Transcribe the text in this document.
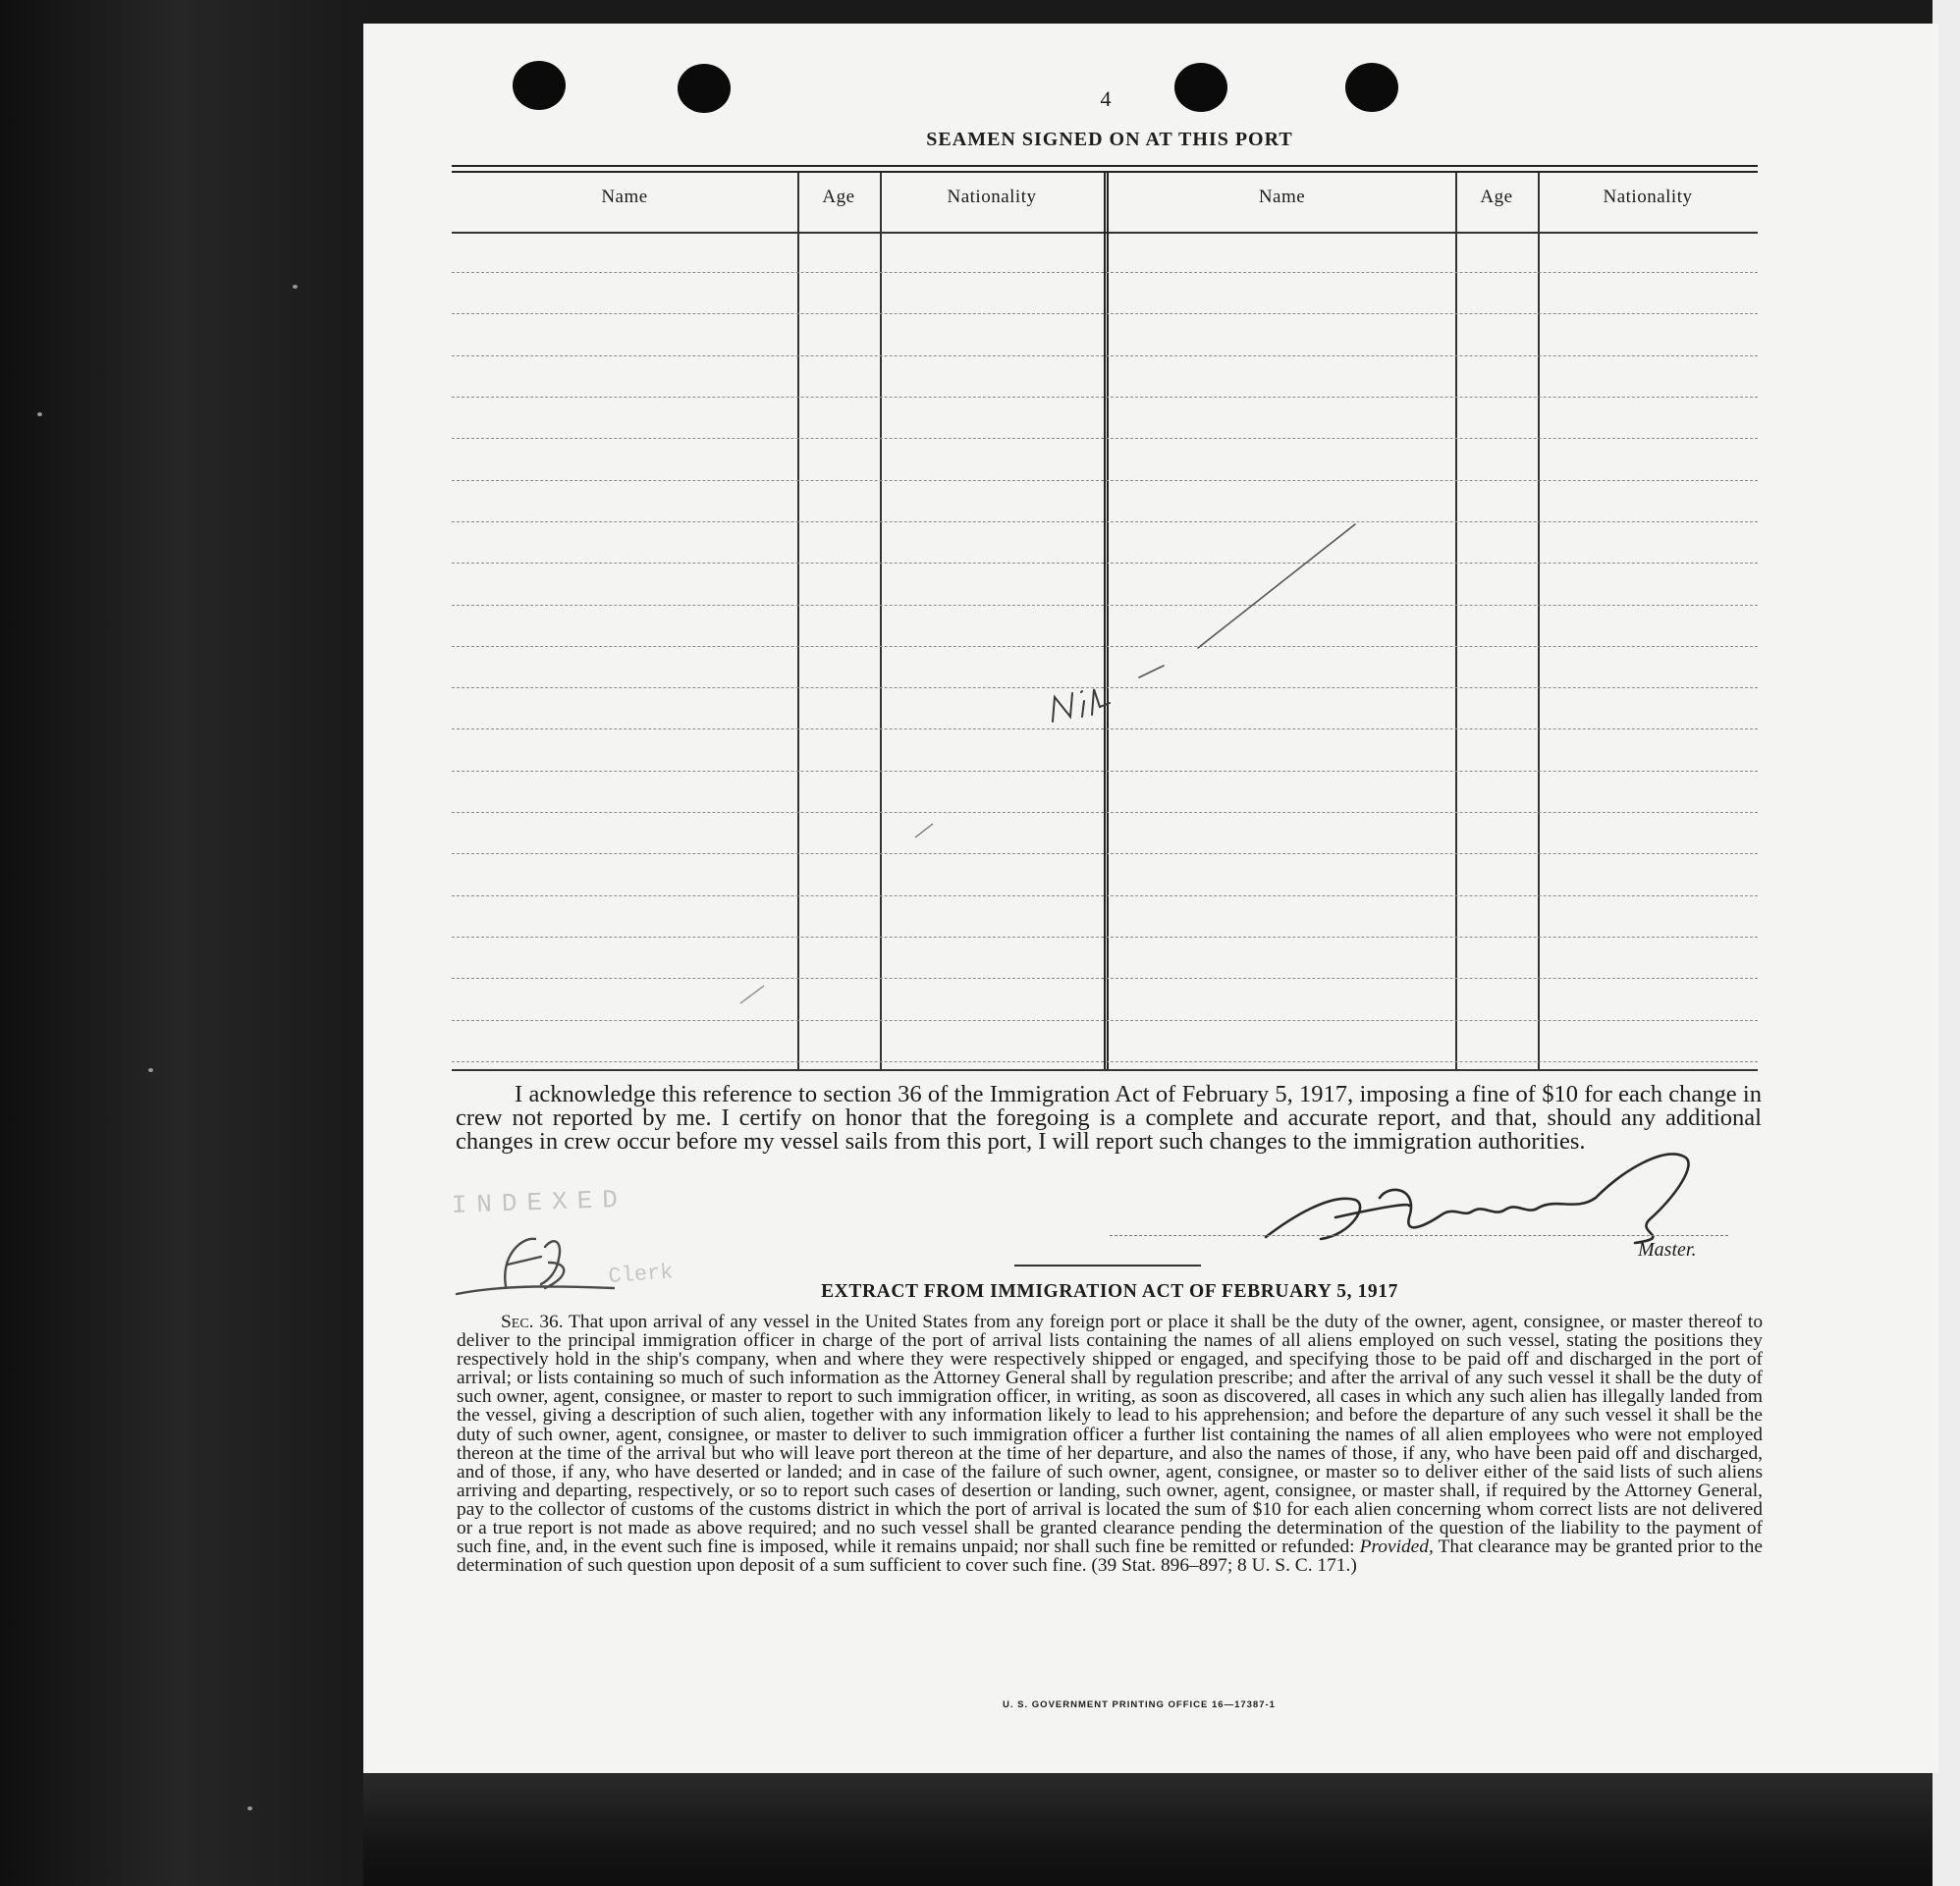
4
SEAMEN SIGNED ON AT THIS PORT
Name	Age	Nationality	Name	Age	Nationality
I acknowledge this reference to section 36 of the Immigration Act of February 5, 1917, imposing a fine of $10 for each change in crew not reported by me. I certify on honor that the foregoing is a complete and accurate report, and that, should any additional changes in crew occur before my vessel sails from this port, I will report such changes to the immigration authorities.
INDEXED
Clerk
Master.
EXTRACT FROM IMMIGRATION ACT OF FEBRUARY 5, 1917
Sec. 36. That upon arrival of any vessel in the United States from any foreign port or place it shall be the duty of the owner, agent, consignee, or master thereof to deliver to the principal immigration officer in charge of the port of arrival lists containing the names of all aliens employed on such vessel, stating the positions they respectively hold in the ship's company, when and where they were respectively shipped or engaged, and specifying those to be paid off and discharged in the port of arrival; or lists containing so much of such information as the Attorney General shall by regulation prescribe; and after the arrival of any such vessel it shall be the duty of such owner, agent, consignee, or master to report to such immigration officer, in writing, as soon as discovered, all cases in which any such alien has illegally landed from the vessel, giving a description of such alien, together with any information likely to lead to his apprehension; and before the departure of any such vessel it shall be the duty of such owner, agent, consignee, or master to deliver to such immigration officer a further list containing the names of all alien employees who were not employed thereon at the time of the arrival but who will leave port thereon at the time of her departure, and also the names of those, if any, who have been paid off and discharged, and of those, if any, who have deserted or landed; and in case of the failure of such owner, agent, consignee, or master so to deliver either of the said lists of such aliens arriving and departing, respectively, or so to report such cases of desertion or landing, such owner, agent, consignee, or master shall, if required by the Attorney General, pay to the collector of customs of the customs district in which the port of arrival is located the sum of $10 for each alien concerning whom correct lists are not delivered or a true report is not made as above required; and no such vessel shall be granted clearance pending the determination of the question of the liability to the payment of such fine, and, in the event such fine is imposed, while it remains unpaid; nor shall such fine be remitted or refunded: Provided, That clearance may be granted prior to the determination of such question upon deposit of a sum sufficient to cover such fine. (39 Stat. 896–897; 8 U. S. C. 171.)
U. S. GOVERNMENT PRINTING OFFICE 16—17387-1
